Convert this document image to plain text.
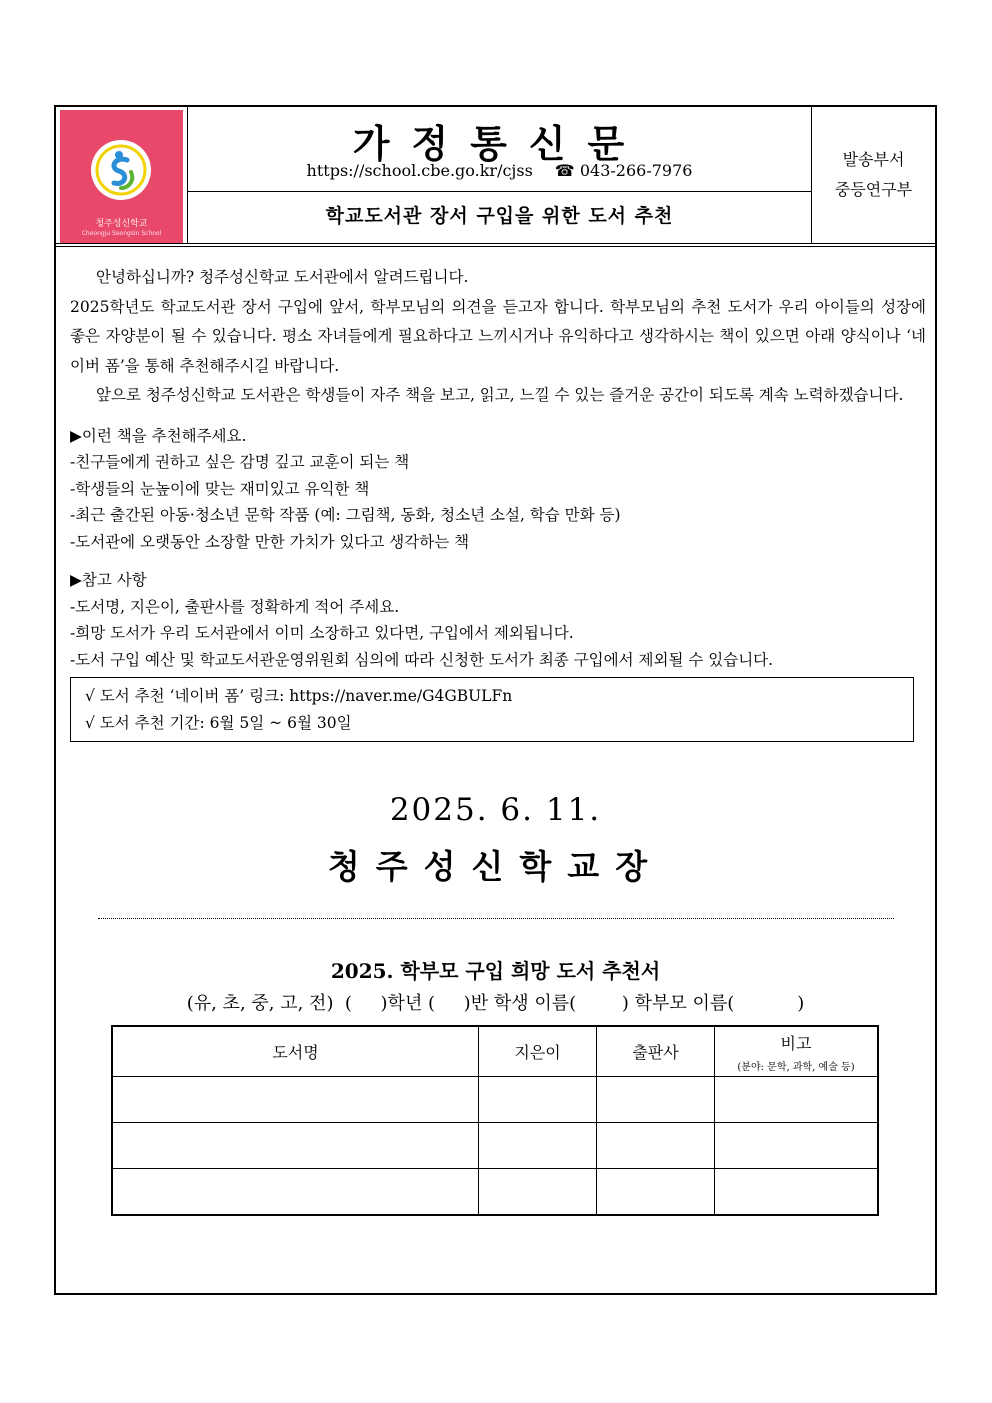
청주성신학교
Cheongju Seongsin School
가정통신문
https://school.cbe.go.kr/cjss ☎ 043-266-7976
학교도서관 장서 구입을 위한 도서 추천
발송부서
중등연구부

안녕하십니까? 청주성신학교 도서관에서 알려드립니다.

2025학년도 학교도서관 장서 구입에 앞서, 학부모님의 의견을 듣고자 합니다. 학부모님의 추천 도서가 우리 아이들의 성장에 좋은 자양분이 될 수 있습니다. 평소 자녀들에게 필요하다고 느끼시거나 유익하다고 생각하시는 책이 있으면 아래 양식이나 ‘네이버 폼’을 통해 추천해주시길 바랍니다.

앞으로 청주성신학교 도서관은 학생들이 자주 책을 보고, 읽고, 느낄 수 있는 즐거운 공간이 되도록 계속 노력하겠습니다.

▶이런 책을 추천해주세요.

-친구들에게 권하고 싶은 감명 깊고 교훈이 되는 책

-학생들의 눈높이에 맞는 재미있고 유익한 책

-최근 출간된 아동·청소년 문학 작품 (예: 그림책, 동화, 청소년 소설, 학습 만화 등)

-도서관에 오랫동안 소장할 만한 가치가 있다고 생각하는 책

▶참고 사항

-도서명, 지은이, 출판사를 정확하게 적어 주세요.

-희망 도서가 우리 도서관에서 이미 소장하고 있다면, 구입에서 제외됩니다.

-도서 구입 예산 및 학교도서관운영위원회 심의에 따라 신청한 도서가 최종 구입에서 제외될 수 있습니다.

√ 도서 추천 ‘네이버 폼’ 링크: https://naver.me/G4GBULFn

√ 도서 추천 기간: 6월 5일 ~ 6월 30일

2025. 6. 11.
청주성신학교장
2025. 학부모 구입 희망 도서 추천서
(유, 초, 중, 고, 전)  (     )학년 (     )반 학생 이름(        ) 학부모 이름(           )
도서명	지은이	출판사	비고
(분야: 문학, 과학, 예술 등)
